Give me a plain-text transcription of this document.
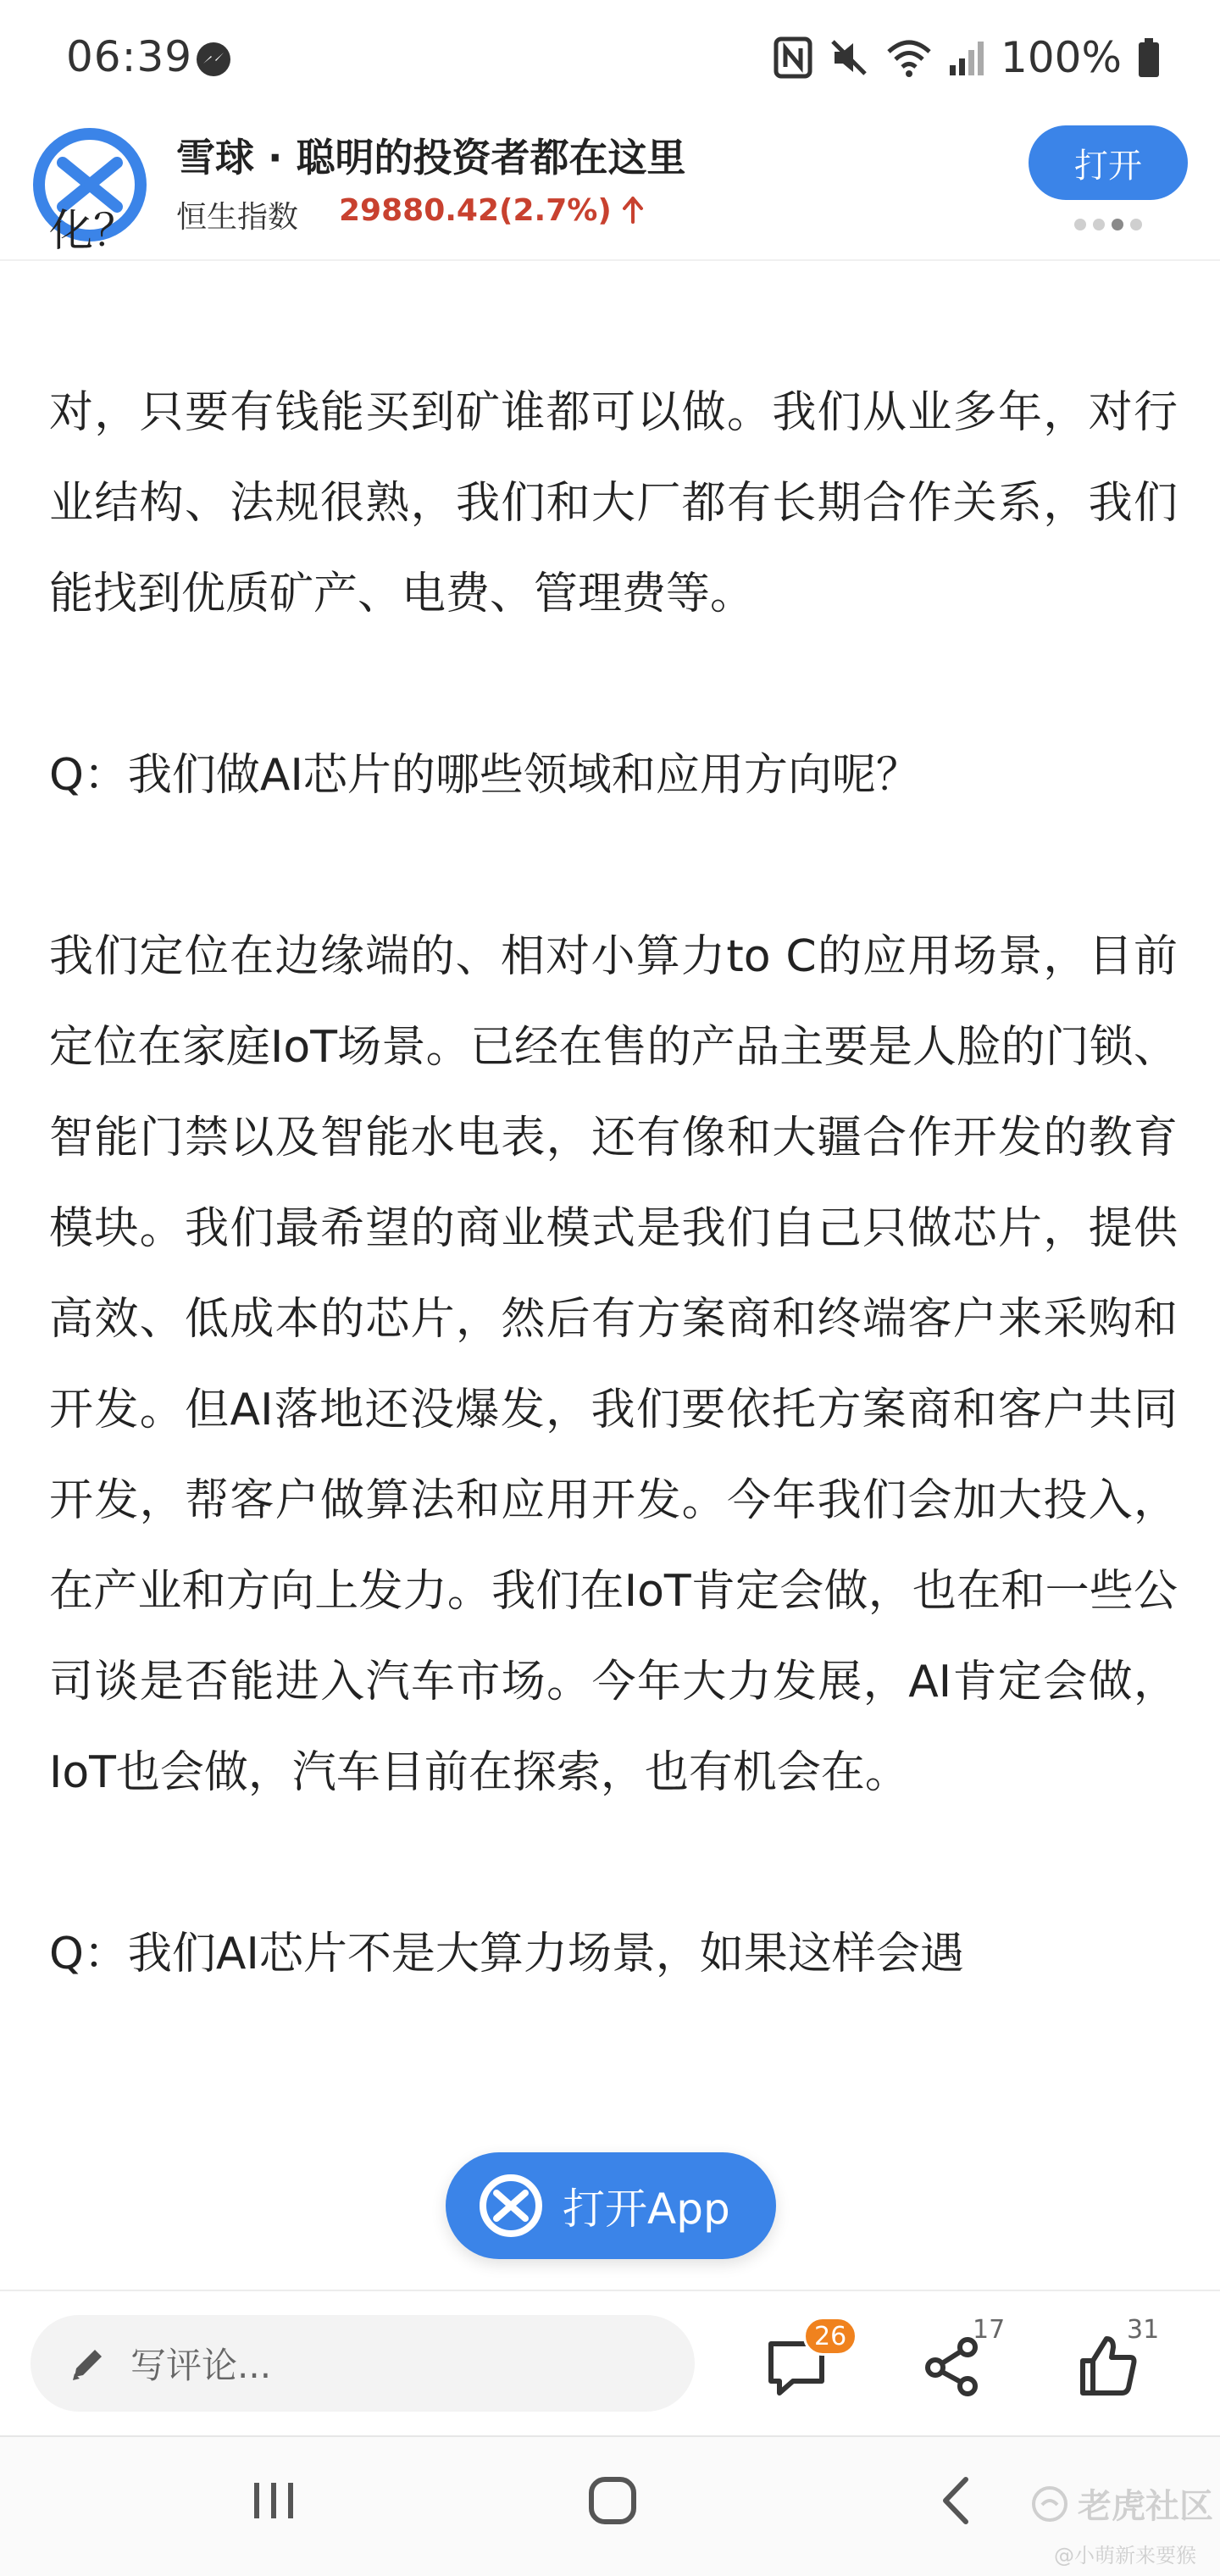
06:39	100%
雪球 · 聪明的投资者都在这里
恒生指数 29880.42(2.7%)
打开

化？

对，只要有钱能买到矿谁都可以做。我们从业多年，对行业结构、法规很熟，我们和大厂都有长期合作关系，我们能找到优质矿产、电费、管理费等。

Q：我们做AI芯片的哪些领域和应用方向呢？

我们定位在边缘端的、相对小算力to C的应用场景，目前定位在家庭IoT场景。已经在售的产品主要是人脸的门锁、智能门禁以及智能水电表，还有像和大疆合作开发的教育模块。我们最希望的商业模式是我们自己只做芯片，提供高效、低成本的芯片，然后有方案商和终端客户来采购和开发。但AI落地还没爆发，我们要依托方案商和客户共同开发，帮客户做算法和应用开发。今年我们会加大投入，在产业和方向上发力。我们在IoT肯定会做，也在和一些公司谈是否能进入汽车市场。今年大力发展，AI肯定会做，IoT也会做，汽车目前在探索，也有机会在。

Q：我们AI芯片不是大算力场景，如果这样会遇

打开App
写评论...
26	17	31
老虎社区
@小萌新来要猴
